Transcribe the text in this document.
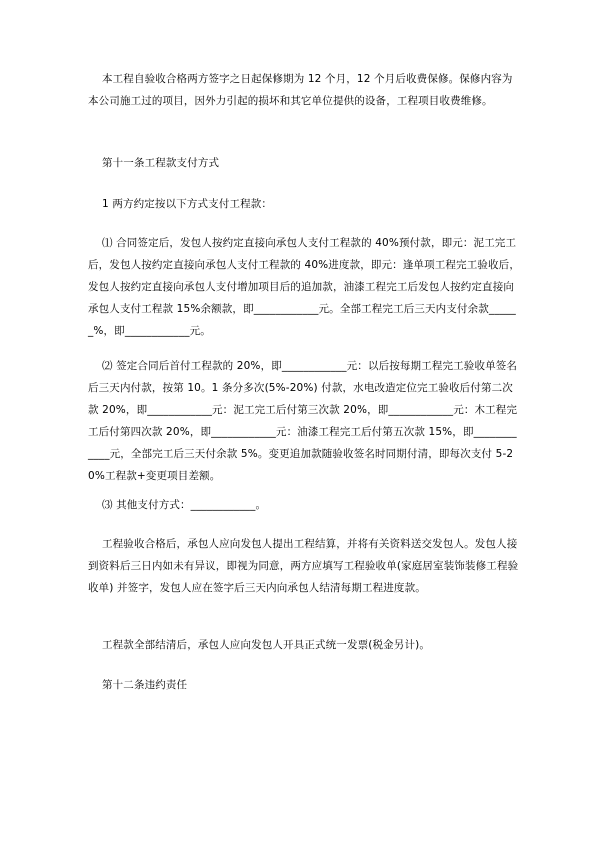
本工程自验收合格两方签字之日起保修期为 12 个月，12 个月后收费保修。保修内容为本公司施工过的项目，因外力引起的损坏和其它单位提供的设备，工程项目收费维修。

第十一条工程款支付方式

1 两方约定按以下方式支付工程款：

⑴ 合同签定后，发包人按约定直接向承包人支付工程款的 40%预付款，即元：泥工完工后，发包人按约定直接向承包人支付工程款的 40%进度款，即元：逢单项工程完工验收后，发包人按约定直接向承包人支付增加项目后的追加款，油漆工程完工后发包人按约定直接向承包人支付工程款 15%余额款，即____________元。全部工程完工后三天内支付余款______%，即____________元。

⑵ 签定合同后首付工程款的 20%，即____________元：以后按每期工程完工验收单签名后三天内付款，按第 10。1 条分多次(5%-20%) 付款，水电改造定位完工验收后付第二次款 20%，即____________元：泥工完工后付第三次款 20%，即____________元：木工程完工后付第四次款 20%，即____________元：油漆工程完工后付第五次款 15%，即____________元，全部完工后三天付余款 5%。变更追加款随验收签名时同期付清，即每次支付 5-20%工程款+变更项目差额。

⑶ 其他支付方式：____________。

工程验收合格后，承包人应向发包人提出工程结算，并将有关资料送交发包人。发包人接到资料后三日内如未有异议，即视为同意，两方应填写工程验收单(家庭居室装饰装修工程验收单) 并签字，发包人应在签字后三天内向承包人结清每期工程进度款。

工程款全部结清后，承包人应向发包人开具正式统一发票(税金另计)。

第十二条违约责任
